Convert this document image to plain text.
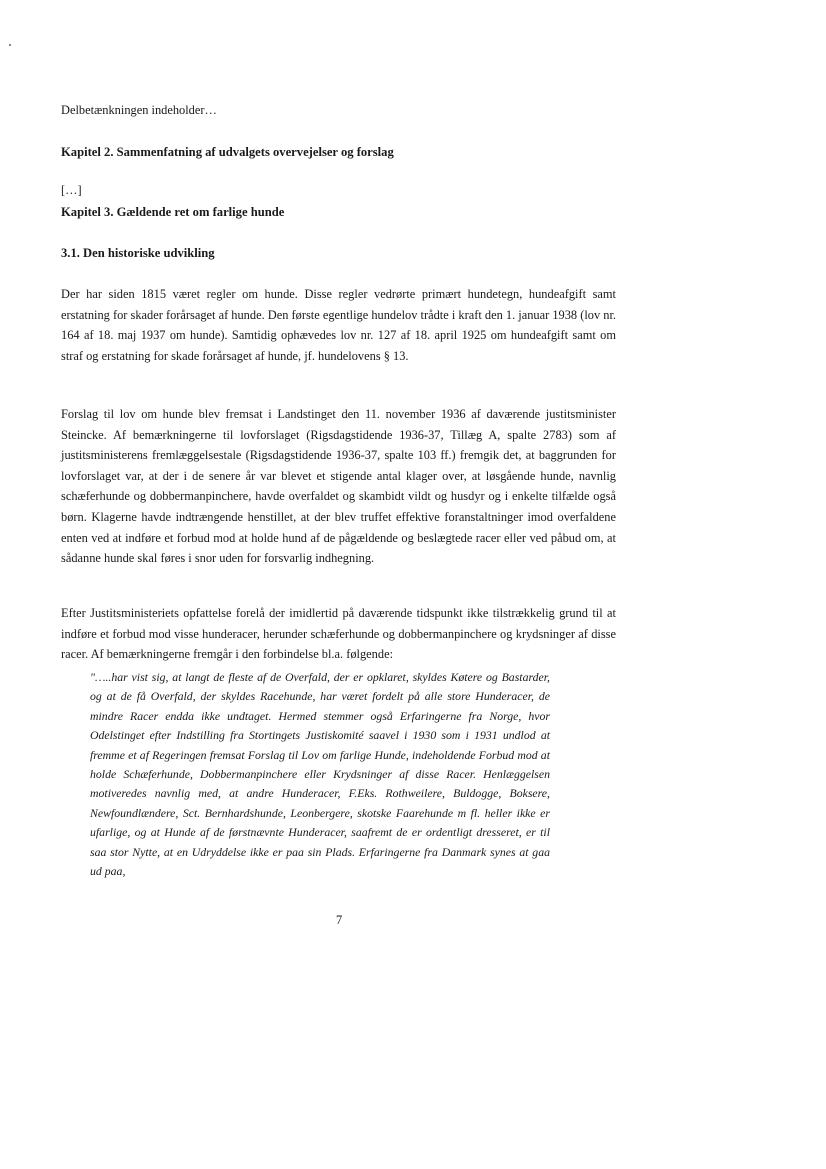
Delbetænkningen indeholder…
Kapitel 2. Sammenfatning af udvalgets overvejelser og forslag
[…]
Kapitel 3. Gældende ret om farlige hunde
3.1. Den historiske udvikling
Der har siden 1815 været regler om hunde. Disse regler vedrørte primært hundetegn, hundeafgift samt erstatning for skader forårsaget af hunde. Den første egentlige hundelov trådte i kraft den 1. januar 1938 (lov nr. 164 af 18. maj 1937 om hunde). Samtidig ophævedes lov nr. 127 af 18. april 1925 om hundeafgift samt om straf og erstatning for skade forårsaget af hunde, jf. hundelovens § 13.
Forslag til lov om hunde blev fremsat i Landstinget den 11. november 1936 af daværende justitsminister Steincke. Af bemærkningerne til lovforslaget (Rigsdagstidende 1936-37, Tillæg A, spalte 2783) som af justitsministerens fremlæggelsestale (Rigsdagstidende 1936-37, spalte 103 ff.) fremgik det, at baggrunden for lovforslaget var, at der i de senere år var blevet et stigende antal klager over, at løsgående hunde, navnlig schæferhunde og dobbermanpinchere, havde overfaldet og skambidt vildt og husdyr og i enkelte tilfælde også børn. Klagerne havde indtrængende henstillet, at der blev truffet effektive foranstaltninger imod overfaldene enten ved at indføre et forbud mod at holde hund af de pågældende og beslægtede racer eller ved påbud om, at sådanne hunde skal føres i snor uden for forsvarlig indhegning.
Efter Justitsministeriets opfattelse forelå der imidlertid på daværende tidspunkt ikke tilstrækkelig grund til at indføre et forbud mod visse hunderacer, herunder schæferhunde og dobbermanpinchere og krydsninger af disse racer. Af bemærkningerne fremgår i den forbindelse bl.a. følgende:
"…..har vist sig, at langt de fleste af de Overfald, der er opklaret, skyldes Køtere og Bastarder, og at de få Overfald, der skyldes Racehunde, har været fordelt på alle store Hunderacer, de mindre Racer endda ikke undtaget. Hermed stemmer også Erfaringerne fra Norge, hvor Odelstinget efter Indstilling fra Stortingets Justiskomité saavel i 1930 som i 1931 undlod at fremme et af Regeringen fremsat Forslag til Lov om farlige Hunde, indeholdende Forbud mod at holde Schæferhunde, Dobbermanpinchere eller Krydsninger af disse Racer. Henlæggelsen motiveredes navnlig med, at andre Hunderacer, F.Eks. Rothweilere, Buldogge, Boksere, Newfoundlændere, Sct. Bernhardshunde, Leonbergere, skotske Faarehunde m fl. heller ikke er ufarlige, og at Hunde af de førstnævnte Hunderacer, saafremt de er ordentligt dresseret, er til saa stor Nytte, at en Udryddelse ikke er paa sin Plads. Erfaringerne fra Danmark synes at gaa ud paa,
7
